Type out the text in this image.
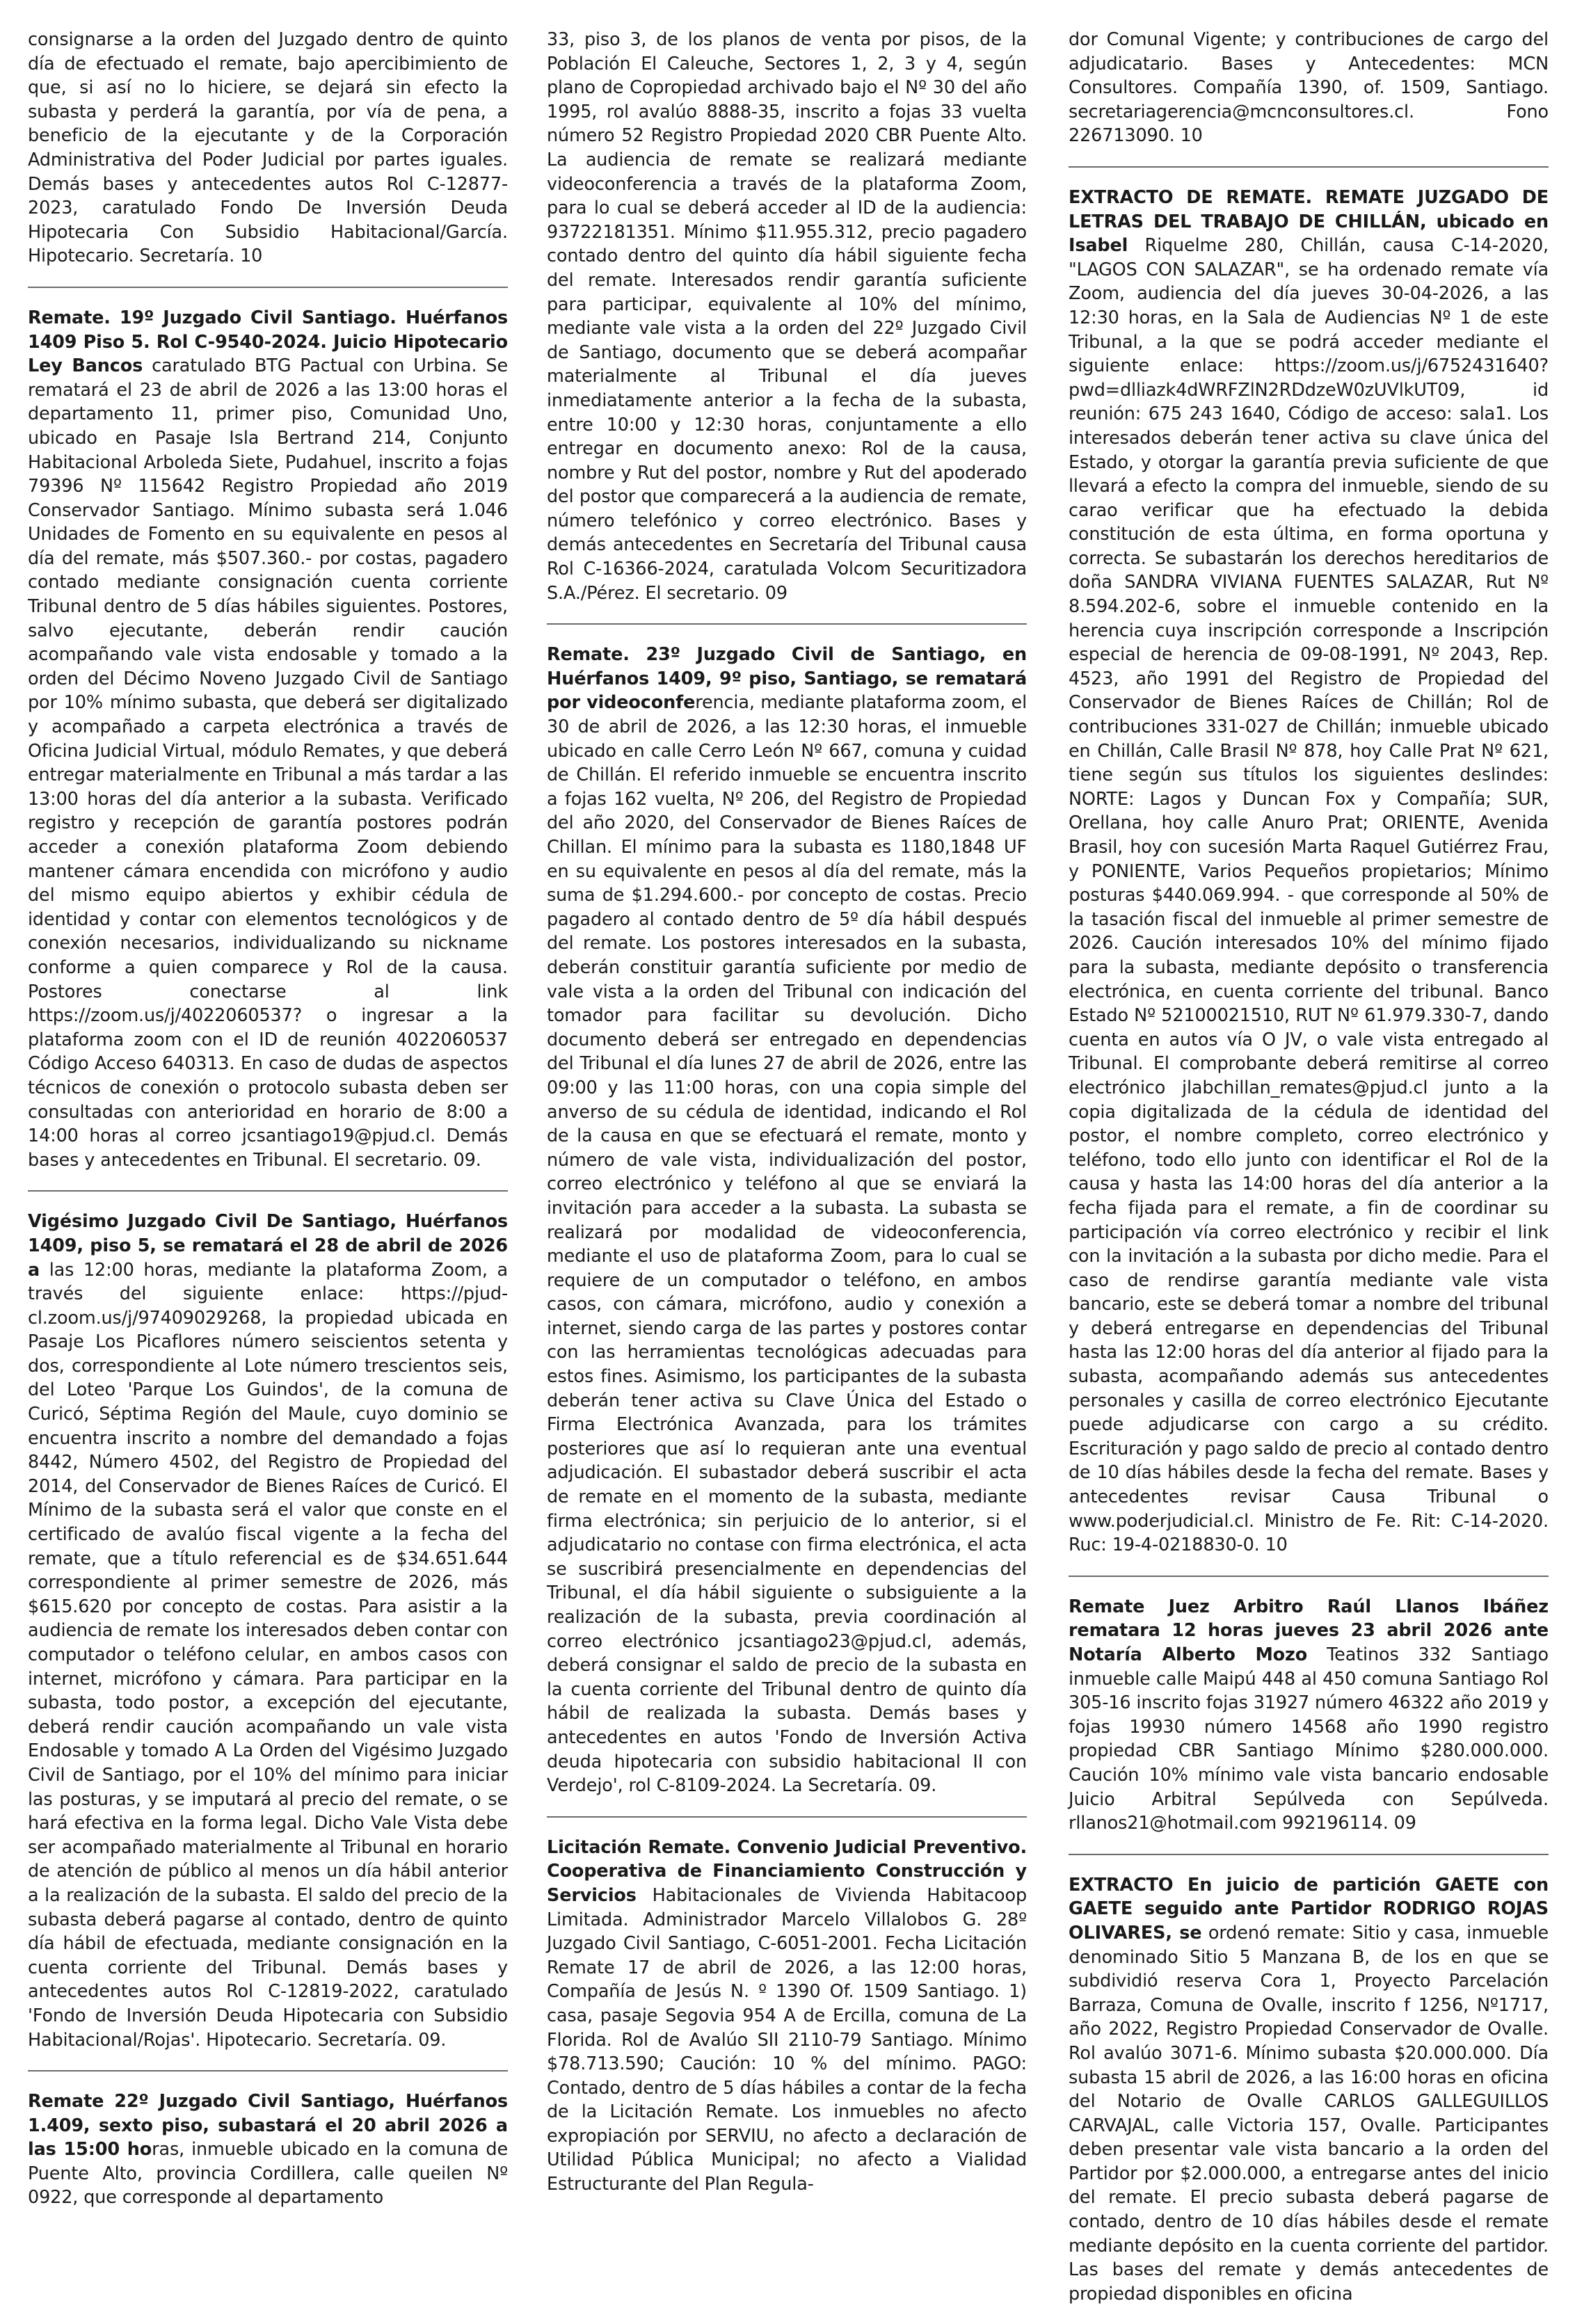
consignarse a la orden del Juzgado dentro de quinto día de efectuado el remate, bajo apercibimiento de que, si así no lo hiciere, se dejará sin efecto la subasta y perderá la garantía, por vía de pena, a beneficio de la ejecutante y de la Corporación Administrativa del Poder Judicial por partes iguales. Demás bases y antecedentes autos Rol C-12877-2023, caratulado Fondo De Inversión Deuda Hipotecaria Con Subsidio Habitacional/García. Hipotecario. Secretaría. 10

Remate. 19º Juzgado Civil Santiago. Huérfanos 1409 Piso 5. Rol C-9540-2024. Juicio Hipotecario Ley Bancos caratulado BTG Pactual con Urbina. Se rematará el 23 de abril de 2026 a las 13:00 horas el departamento 11, primer piso, Comunidad Uno, ubicado en Pasaje Isla Bertrand 214, Conjunto Habitacional Arboleda Siete, Pudahuel, inscrito a fojas 79396 Nº 115642 Registro Propiedad año 2019 Conservador Santiago. Mínimo subasta será 1.046 Unidades de Fomento en su equivalente en pesos al día del remate, más $507.360.- por costas, pagadero contado mediante consignación cuenta corriente Tribunal dentro de 5 días hábiles siguientes. Postores, salvo ejecutante, deberán rendir caución acompañando vale vista endosable y tomado a la orden del Décimo Noveno Juzgado Civil de Santiago por 10% mínimo subasta, que deberá ser digitalizado y acompañado a carpeta electrónica a través de Oficina Judicial Virtual, módulo Remates, y que deberá entregar materialmente en Tribunal a más tardar a las 13:00 horas del día anterior a la subasta. Verificado registro y recepción de garantía postores podrán acceder a conexión plataforma Zoom debiendo mantener cámara encendida con micrófono y audio del mismo equipo abiertos y exhibir cédula de identidad y contar con elementos tecnológicos y de conexión necesarios, individualizando su nickname conforme a quien comparece y Rol de la causa. Postores conectarse al link https://zoom.us/j/4022060537? o ingresar a la plataforma zoom con el ID de reunión 4022060537 Código Acceso 640313. En caso de dudas de aspectos técnicos de conexión o protocolo subasta deben ser consultadas con anterioridad en horario de 8:00 a 14:00 horas al correo jcsantiago19@pjud.cl. Demás bases y antecedentes en Tribunal. El secretario. 09.

Vigésimo Juzgado Civil De Santiago, Huérfanos 1409, piso 5, se rematará el 28 de abril de 2026 a las 12:00 horas, mediante la plataforma Zoom, a través del siguiente enlace: https://pjud-cl.zoom.us/j/97409029268, la propiedad ubicada en Pasaje Los Picaflores número seiscientos setenta y dos, correspondiente al Lote número trescientos seis, del Loteo 'Parque Los Guindos', de la comuna de Curicó, Séptima Región del Maule, cuyo dominio se encuentra inscrito a nombre del demandado a fojas 8442, Número 4502, del Registro de Propiedad del 2014, del Conservador de Bienes Raíces de Curicó. El Mínimo de la subasta será el valor que conste en el certificado de avalúo fiscal vigente a la fecha del remate, que a título referencial es de $34.651.644 correspondiente al primer semestre de 2026, más $615.620 por concepto de costas. Para asistir a la audiencia de remate los interesados deben contar con computador o teléfono celular, en ambos casos con internet, micrófono y cámara. Para participar en la subasta, todo postor, a excepción del ejecutante, deberá rendir caución acompañando un vale vista Endosable y tomado A La Orden del Vigésimo Juzgado Civil de Santiago, por el 10% del mínimo para iniciar las posturas, y se imputará al precio del remate, o se hará efectiva en la forma legal. Dicho Vale Vista debe ser acompañado materialmente al Tribunal en horario de atención de público al menos un día hábil anterior a la realización de la subasta. El saldo del precio de la subasta deberá pagarse al contado, dentro de quinto día hábil de efectuada, mediante consignación en la cuenta corriente del Tribunal. Demás bases y antecedentes autos Rol C-12819-2022, caratulado 'Fondo de Inversión Deuda Hipotecaria con Subsidio Habitacional/Rojas'. Hipotecario. Secretaría. 09.

Remate 22º Juzgado Civil Santiago, Huérfanos 1.409, sexto piso, subastará el 20 abril 2026 a las 15:00 horas, inmueble ubicado en la comuna de Puente Alto, provincia Cordillera, calle queilen Nº 0922, que corresponde al departamento

33, piso 3, de los planos de venta por pisos, de la Población El Caleuche, Sectores 1, 2, 3 y 4, según plano de Copropiedad archivado bajo el Nº 30 del año 1995, rol avalúo 8888-35, inscrito a fojas 33 vuelta número 52 Registro Propiedad 2020 CBR Puente Alto. La audiencia de remate se realizará mediante videoconferencia a través de la plataforma Zoom, para lo cual se deberá acceder al ID de la audiencia: 93722181351. Mínimo $11.955.312, precio pagadero contado dentro del quinto día hábil siguiente fecha del remate. Interesados rendir garantía suficiente para participar, equivalente al 10% del mínimo, mediante vale vista a la orden del 22º Juzgado Civil de Santiago, documento que se deberá acompañar materialmente al Tribunal el día jueves inmediatamente anterior a la fecha de la subasta, entre 10:00 y 12:30 horas, conjuntamente a ello entregar en documento anexo: Rol de la causa, nombre y Rut del postor, nombre y Rut del apoderado del postor que comparecerá a la audiencia de remate, número telefónico y correo electrónico. Bases y demás antecedentes en Secretaría del Tribunal causa Rol C-16366-2024, caratulada Volcom Securitizadora S.A./Pérez. El secretario. 09

Remate. 23º Juzgado Civil de Santiago, en Huérfanos 1409, 9º piso, Santiago, se rematará por videoconferencia, mediante plataforma zoom, el 30 de abril de 2026, a las 12:30 horas, el inmueble ubicado en calle Cerro León Nº 667, comuna y cuidad de Chillán. El referido inmueble se encuentra inscrito a fojas 162 vuelta, Nº 206, del Registro de Propiedad del año 2020, del Conservador de Bienes Raíces de Chillan. El mínimo para la subasta es 1180,1848 UF en su equivalente en pesos al día del remate, más la suma de $1.294.600.- por concepto de costas. Precio pagadero al contado dentro de 5º día hábil después del remate. Los postores interesados en la subasta, deberán constituir garantía suficiente por medio de vale vista a la orden del Tribunal con indicación del tomador para facilitar su devolución. Dicho documento deberá ser entregado en dependencias del Tribunal el día lunes 27 de abril de 2026, entre las 09:00 y las 11:00 horas, con una copia simple del anverso de su cédula de identidad, indicando el Rol de la causa en que se efectuará el remate, monto y número de vale vista, individualización del postor, correo electrónico y teléfono al que se enviará la invitación para acceder a la subasta. La subasta se realizará por modalidad de videoconferencia, mediante el uso de plataforma Zoom, para lo cual se requiere de un computador o teléfono, en ambos casos, con cámara, micrófono, audio y conexión a internet, siendo carga de las partes y postores contar con las herramientas tecnológicas adecuadas para estos fines. Asimismo, los participantes de la subasta deberán tener activa su Clave Única del Estado o Firma Electrónica Avanzada, para los trámites posteriores que así lo requieran ante una eventual adjudicación. El subastador deberá suscribir el acta de remate en el momento de la subasta, mediante firma electrónica; sin perjuicio de lo anterior, si el adjudicatario no contase con firma electrónica, el acta se suscribirá presencialmente en dependencias del Tribunal, el día hábil siguiente o subsiguiente a la realización de la subasta, previa coordinación al correo electrónico jcsantiago23@pjud.cl, además, deberá consignar el saldo de precio de la subasta en la cuenta corriente del Tribunal dentro de quinto día hábil de realizada la subasta. Demás bases y antecedentes en autos 'Fondo de Inversión Activa deuda hipotecaria con subsidio habitacional II con Verdejo', rol C-8109-2024. La Secretaría. 09.

Licitación Remate. Convenio Judicial Preventivo. Cooperativa de Financiamiento Construcción y Servicios Habitacionales de Vivienda Habitacoop Limitada. Administrador Marcelo Villalobos G. 28º Juzgado Civil Santiago, C-6051-2001. Fecha Licitación Remate 17 de abril de 2026, a las 12:00 horas, Compañía de Jesús N. º 1390 Of. 1509 Santiago. 1) casa, pasaje Segovia 954 A de Ercilla, comuna de La Florida. Rol de Avalúo SII 2110-79 Santiago. Mínimo $78.713.590; Caución: 10 % del mínimo. PAGO: Contado, dentro de 5 días hábiles a contar de la fecha de la Licitación Remate. Los inmuebles no afecto expropiación por SERVIU, no afecto a declaración de Utilidad Pública Municipal; no afecto a Vialidad Estructurante del Plan Regula-

dor Comunal Vigente; y contribuciones de cargo del adjudicatario. Bases y Antecedentes: MCN Consultores. Compañía 1390, of. 1509, Santiago. secretariagerencia@mcnconsultores.cl. Fono 226713090. 10

EXTRACTO DE REMATE. REMATE JUZGADO DE LETRAS DEL TRABAJO DE CHILLÁN, ubicado en Isabel Riquelme 280, Chillán, causa C-14-2020, "LAGOS CON SALAZAR", se ha ordenado remate vía Zoom, audiencia del día jueves 30-04-2026, a las 12:30 horas, en la Sala de Audiencias Nº 1 de este Tribunal, a la que se podrá acceder mediante el siguiente enlace: https://zoom.us/j/6752431640?pwd=dlliazk4dWRFZlN2RDdzeW0zUVlkUT09, id reunión: 675 243 1640, Código de acceso: sala1. Los interesados deberán tener activa su clave única del Estado, y otorgar la garantía previa suficiente de que llevará a efecto la compra del inmueble, siendo de su carao verificar que ha efectuado la debida constitución de esta última, en forma oportuna y correcta. Se subastarán los derechos hereditarios de doña SANDRA VIVIANA FUENTES SALAZAR, Rut Nº 8.594.202-6, sobre el inmueble contenido en la herencia cuya inscripción corresponde a Inscripción especial de herencia de 09-08-1991, Nº 2043, Rep. 4523, año 1991 del Registro de Propiedad del Conservador de Bienes Raíces de Chillán; Rol de contribuciones 331-027 de Chillán; inmueble ubicado en Chillán, Calle Brasil Nº 878, hoy Calle Prat Nº 621, tiene según sus títulos los siguientes deslindes: NORTE: Lagos y Duncan Fox y Compañía; SUR, Orellana, hoy calle Anuro Prat; ORIENTE, Avenida Brasil, hoy con sucesión Marta Raquel Gutiérrez Frau, y PONIENTE, Varios Pequeños propietarios; Mínimo posturas $440.069.994. - que corresponde al 50% de la tasación fiscal del inmueble al primer semestre de 2026. Caución interesados 10% del mínimo fijado para la subasta, mediante depósito o transferencia electrónica, en cuenta corriente del tribunal. Banco Estado Nº 52100021510, RUT Nº 61.979.330-7, dando cuenta en autos vía O JV, o vale vista entregado al Tribunal. El comprobante deberá remitirse al correo electrónico jlabchillan_remates@pjud.cl junto a la copia digitalizada de la cédula de identidad del postor, el nombre completo, correo electrónico y teléfono, todo ello junto con identificar el Rol de la causa y hasta las 14:00 horas del día anterior a la fecha fijada para el remate, a fin de coordinar su participación vía correo electrónico y recibir el link con la invitación a la subasta por dicho medie. Para el caso de rendirse garantía mediante vale vista bancario, este se deberá tomar a nombre del tribunal y deberá entregarse en dependencias del Tribunal hasta las 12:00 horas del día anterior al fijado para la subasta, acompañando además sus antecedentes personales y casilla de correo electrónico Ejecutante puede adjudicarse con cargo a su crédito. Escrituración y pago saldo de precio al contado dentro de 10 días hábiles desde la fecha del remate. Bases y antecedentes revisar Causa Tribunal o www.poderjudicial.cl. Ministro de Fe. Rit: C-14-2020. Ruc: 19-4-0218830-0. 10

Remate Juez Arbitro Raúl Llanos Ibáñez rematara 12 horas jueves 23 abril 2026 ante Notaría Alberto Mozo Teatinos 332 Santiago inmueble calle Maipú 448 al 450 comuna Santiago Rol 305-16 inscrito fojas 31927 número 46322 año 2019 y fojas 19930 número 14568 año 1990 registro propiedad CBR Santiago Mínimo $280.000.000. Caución 10% mínimo vale vista bancario endosable Juicio Arbitral Sepúlveda con Sepúlveda. rllanos21@hotmail.com 992196114. 09

EXTRACTO En juicio de partición GAETE con GAETE seguido ante Partidor RODRIGO ROJAS OLIVARES, se ordenó remate: Sitio y casa, inmueble denominado Sitio 5 Manzana B, de los en que se subdividió reserva Cora 1, Proyecto Parcelación Barraza, Comuna de Ovalle, inscrito f 1256, Nº1717, año 2022, Registro Propiedad Conservador de Ovalle. Rol avalúo 3071-6. Mínimo subasta $20.000.000. Día subasta 15 abril de 2026, a las 16:00 horas en oficina del Notario de Ovalle CARLOS GALLEGUILLOS CARVAJAL, calle Victoria 157, Ovalle. Participantes deben presentar vale vista bancario a la orden del Partidor por $2.000.000, a entregarse antes del inicio del remate. El precio subasta deberá pagarse de contado, dentro de 10 días hábiles desde el remate mediante depósito en la cuenta corriente del partidor. Las bases del remate y demás antecedentes de propiedad disponibles en oficina
